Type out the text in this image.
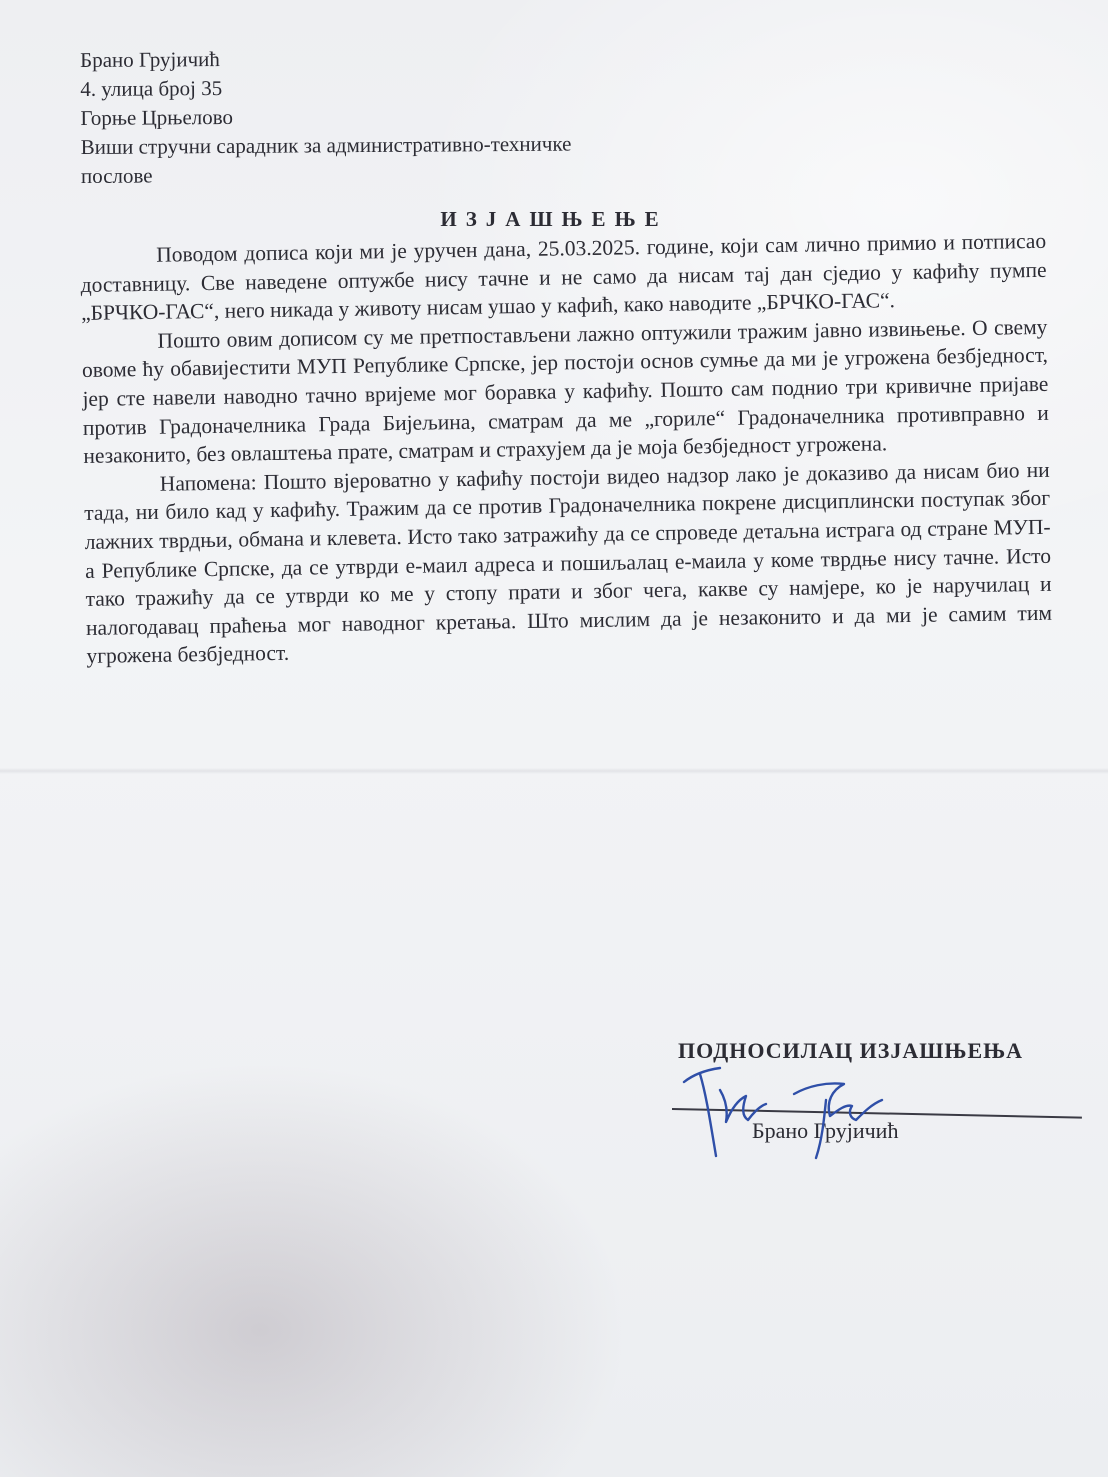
Брано Грујичић
4. улица број 35
Горње Црњелово
Виши стручни сарадник за административно-техничке
послове
ИЗЈАШЊЕЊЕ

Поводом дописа који ми је уручен дана, 25.03.2025. године, који сам лично примио и потписао доставницу. Све наведене оптужбе нису тачне и не само да нисам тај дан сједио у кафићу пумпе „БРЧКО-ГАС“, него никада у животу нисам ушао у кафић, како наводите „БРЧКО-ГАС“.

Пошто овим дописом су ме претпостављени лажно оптужили тражим јавно извињење. О свему овоме ћу обавијестити МУП Републике Српске, јер постоји основ сумње да ми је угрожена безбједност, јер сте навели наводно тачно вријеме мог боравка у кафићу. Пошто сам поднио три кривичне пријаве против Градоначелника Града Бијељина, сматрам да ме „гориле“ Градоначелника противправно и незаконито, без овлаштења прате, сматрам и страхујем да је моја безбједност угрожена.

Напомена: Пошто вјероватно у кафићу постоји видео надзор лако је доказиво да нисам био ни тада, ни било кад у кафићу. Тражим да се против Градоначелника покрене дисциплински поступак због лажних тврдњи, обмана и клевета. Исто тако затражићу да се спроведе детаљна истрага од стране МУП-а Републике Српске, да се утврди е-маил адреса и пошиљалац е-маила у коме тврдње нису тачне. Исто тако тражићу да се утврди ко ме у стопу прати и због чега, какве су намјере, ко је наручилац и налогодавац праћења мог наводног кретања. Што мислим да је незаконито и да ми је самим тим угрожена безбједност.

ПОДНОСИЛАЦ ИЗЈАШЊЕЊА
Брано Грујичић
